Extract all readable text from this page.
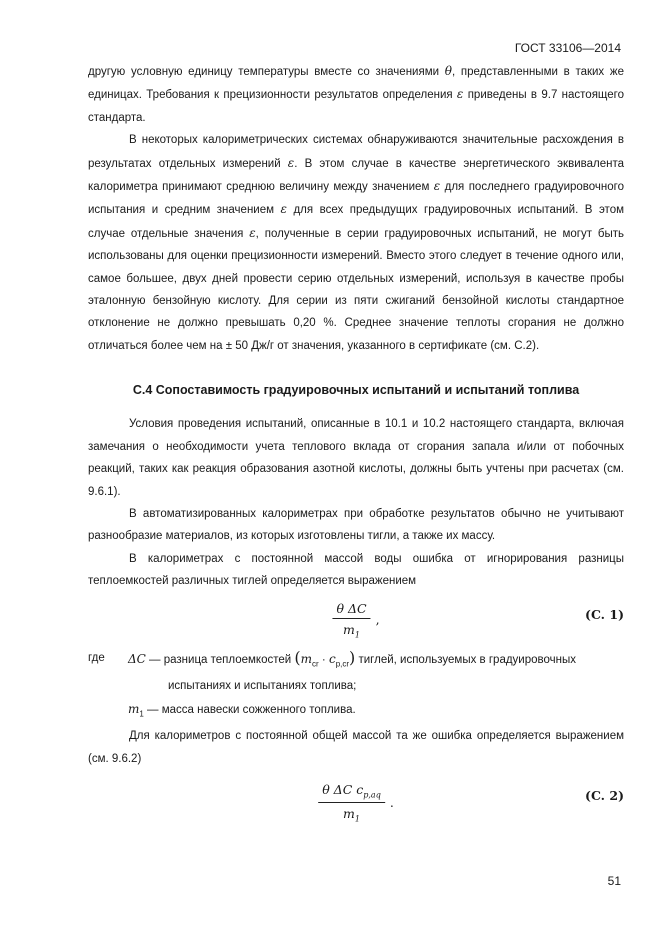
ГОСТ 33106—2014

другую условную единицу температуры вместе со значениями θ, представленными в таких же единицах. Требования к прецизионности результатов определения ε приведены в 9.7 настоящего стандарта.

В некоторых калориметрических системах обнаруживаются значительные расхождения в результатах отдельных измерений ε. В этом случае в качестве энергетического эквивалента калориметра принимают среднюю величину между значением ε для последнего градуировочного испытания и средним значением ε для всех предыдущих градуировочных испытаний. В этом случае отдельные значения ε, полученные в серии градуировочных испытаний, не могут быть использованы для оценки прецизионности измерений. Вместо этого следует в течение одного или, самое большее, двух дней провести серию отдельных измерений, используя в качестве пробы эталонную бензойную кислоту. Для серии из пяти сжиганий бензойной кислоты стандартное отклонение не должно превышать 0,20 %. Среднее значение теплоты сгорания не должно отличаться более чем на ± 50 Дж/г от значения, указанного в сертификате (см. С.2).

С.4 Сопоставимость градуировочных испытаний и испытаний топлива

Условия проведения испытаний, описанные в 10.1 и 10.2 настоящего стандарта, включая замечания о необходимости учета теплового вклада от сгорания запала и/или от побочных реакций, таких как реакция образования азотной кислоты, должны быть учтены при расчетах (см. 9.6.1).

В автоматизированных калориметрах при обработке результатов обычно не учитывают разнообразие материалов, из которых изготовлены тигли, а также их массу.

В калориметрах с постоянной массой воды ошибка от игнорирования разницы теплоемкостей различных тиглей определяется выражением

$\frac{\text{θ ΔC}}{m_1}$ ,	(C. 1)
где	ΔC — разница теплоемкостей $(m_{cr} \cdot c_{p,cr})$ тиглей, используемых в градуировочных
испытаниях и испытаниях топлива;
$m_1$ — масса навески сожженного топлива.

Для калориметров с постоянной общей массой та же ошибка определяется выражением (см. 9.6.2)

$\frac{\theta \Delta C c_{p,aq}}{m_1}$ .	(C. 2)
51
